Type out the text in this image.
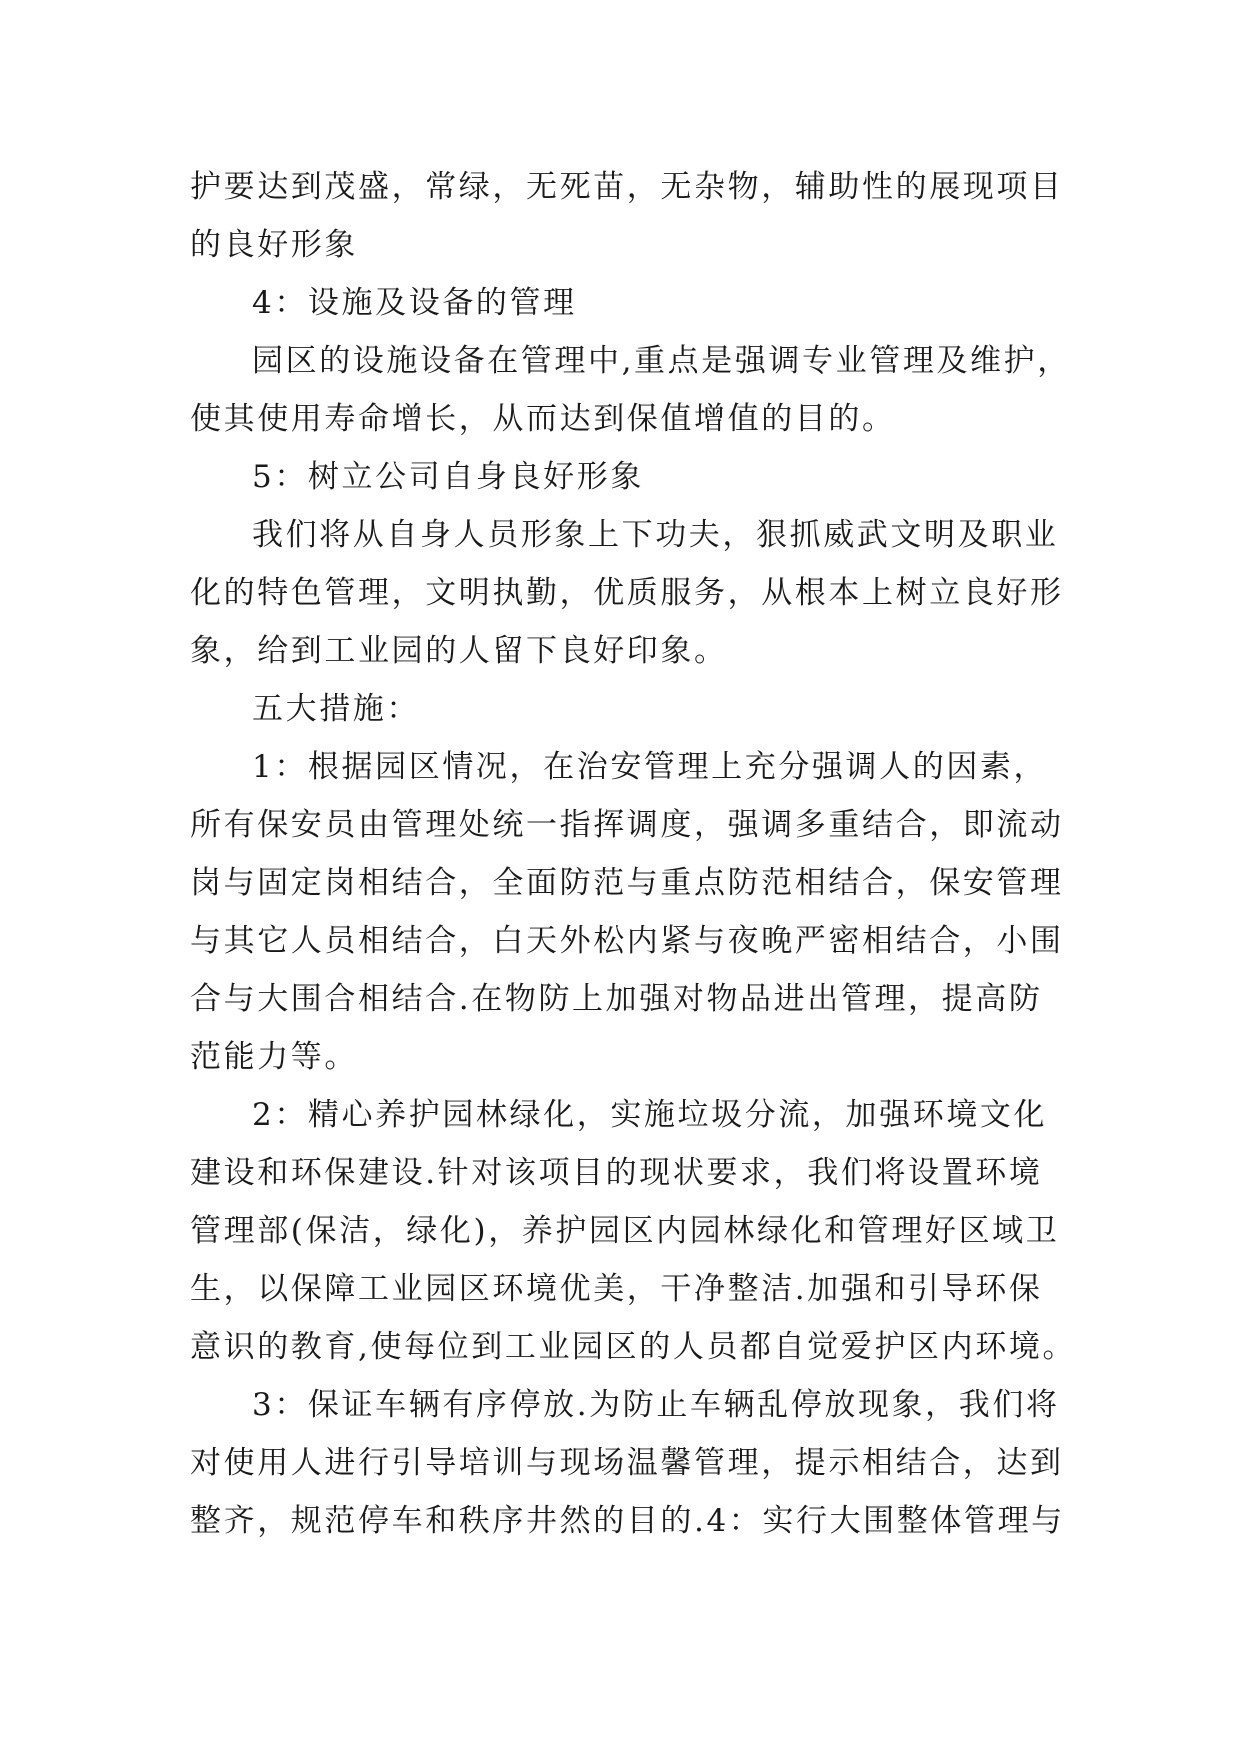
护要达到茂盛，常绿，无死苗，无杂物，辅助性的展现项目

的良好形象

4：设施及设备的管理

园区的设施设备在管理中,重点是强调专业管理及维护，

使其使用寿命增长，从而达到保值增值的目的。

5：树立公司自身良好形象

我们将从自身人员形象上下功夫，狠抓威武文明及职业

化的特色管理，文明执勤，优质服务，从根本上树立良好形

象，给到工业园的人留下良好印象。

五大措施：

1：根据园区情况，在治安管理上充分强调人的因素，

所有保安员由管理处统一指挥调度，强调多重结合，即流动

岗与固定岗相结合，全面防范与重点防范相结合，保安管理

与其它人员相结合，白天外松内紧与夜晚严密相结合，小围

合与大围合相结合.在物防上加强对物品进出管理，提高防

范能力等。

2：精心养护园林绿化，实施垃圾分流，加强环境文化

建设和环保建设.针对该项目的现状要求，我们将设置环境

管理部(保洁，绿化)，养护园区内园林绿化和管理好区域卫

生，以保障工业园区环境优美，干净整洁.加强和引导环保

意识的教育,使每位到工业园区的人员都自觉爱护区内环境。

3：保证车辆有序停放.为防止车辆乱停放现象，我们将

对使用人进行引导培训与现场温馨管理，提示相结合，达到

整齐，规范停车和秩序井然的目的.4：实行大围整体管理与
